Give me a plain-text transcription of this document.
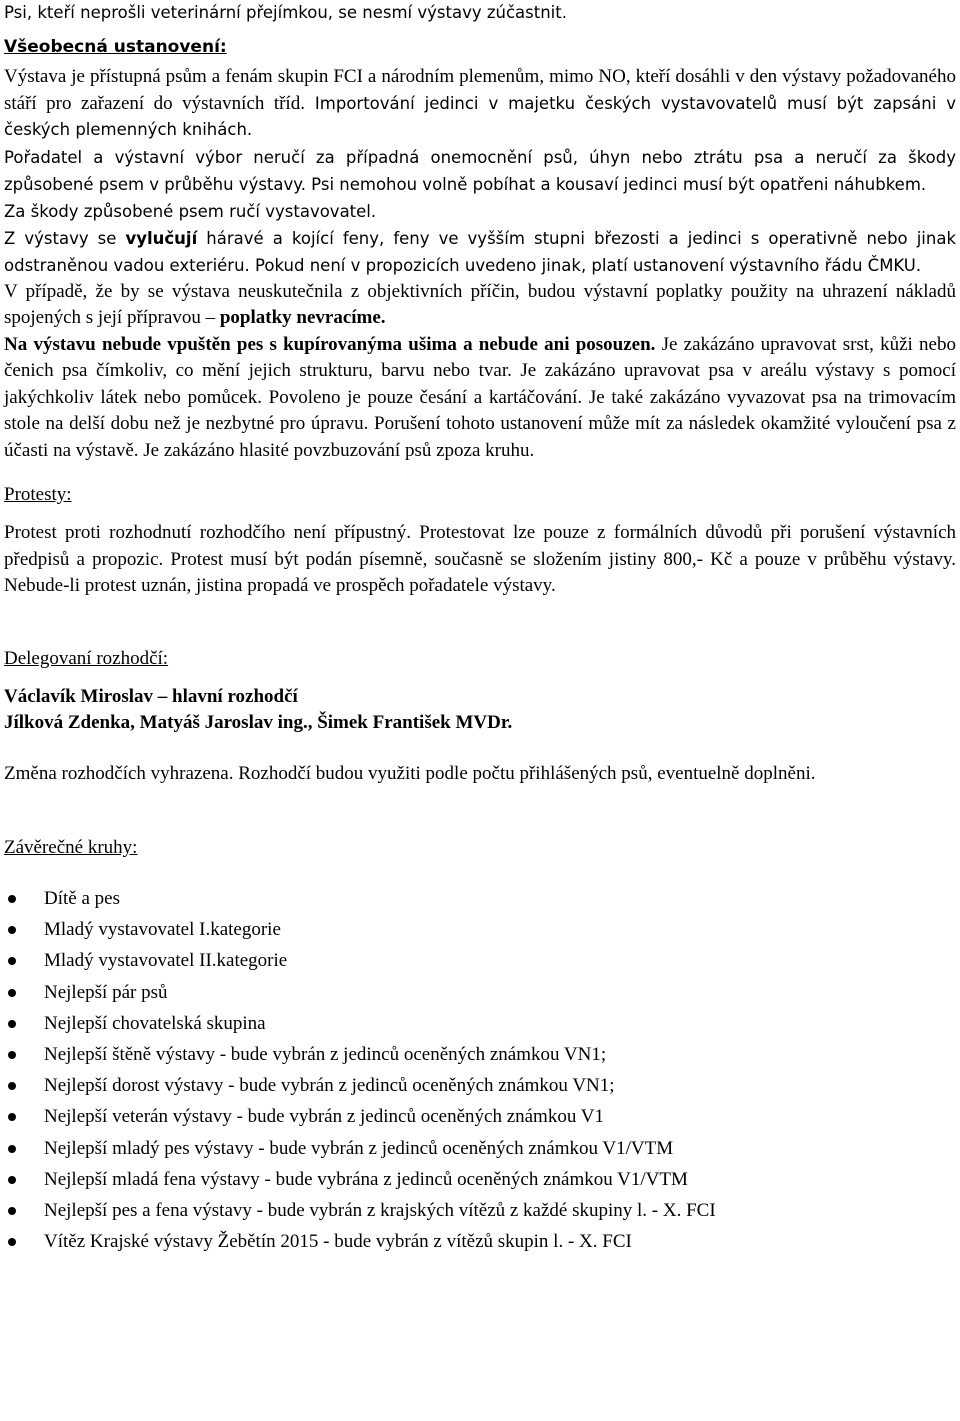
Psi, kteří neprošli veterinární přejímkou, se nesmí výstavy zúčastnit.

Všeobecná ustanovení:

Výstava je přístupná psům a fenám skupin FCI a národním plemenům, mimo NO, kteří dosáhli v den výstavy požadovaného stáří pro zařazení do výstavních tříd. Importování jedinci v majetku českých vystavovatelů musí být zapsáni v českých plemenných knihách.

Pořadatel a výstavní výbor neručí za případná onemocnění psů, úhyn nebo ztrátu psa a neručí za škody způsobené psem v průběhu výstavy. Psi nemohou volně pobíhat a kousaví jedinci musí být opatřeni náhubkem.

Za škody způsobené psem ručí vystavovatel.

Z výstavy se vylučují háravé a kojící feny, feny ve vyšším stupni březosti a jedinci s operativně nebo jinak odstraněnou vadou exteriéru. Pokud není v propozicích uvedeno jinak, platí ustanovení výstavního řádu ČMKU.

V případě, že by se výstava neuskutečnila z objektivních příčin, budou výstavní poplatky použity na uhrazení nákladů spojených s její přípravou – poplatky nevracíme.

Na výstavu nebude vpuštěn pes s kupírovanýma ušima a nebude ani posouzen. Je zakázáno upravovat srst, kůži nebo čenich psa čímkoliv, co mění jejich strukturu, barvu nebo tvar. Je zakázáno upravovat psa v areálu výstavy s pomocí jakýchkoliv látek nebo pomůcek. Povoleno je pouze česání a kartáčování. Je také zakázáno vyvazovat psa na trimovacím stole na delší dobu než je nezbytné pro úpravu. Porušení tohoto ustanovení může mít za následek okamžité vyloučení psa z účasti na výstavě. Je zakázáno hlasité povzbuzování psů zpoza kruhu.

Protesty:

Protest proti rozhodnutí rozhodčího není přípustný. Protestovat lze pouze z formálních důvodů při porušení výstavních předpisů a propozic. Protest musí být podán písemně, současně se složením jistiny 800,- Kč a pouze v průběhu výstavy. Nebude-li protest uznán, jistina propadá ve prospěch pořadatele výstavy.

Delegovaní rozhodčí:

Václavík Miroslav – hlavní rozhodčí

Jílková Zdenka, Matyáš Jaroslav ing., Šimek František MVDr.

Změna rozhodčích vyhrazena. Rozhodčí budou využiti podle počtu přihlášených psů, eventuelně doplněni.

Závěrečné kruhy:

Dítě a pes
Mladý vystavovatel I.kategorie
Mladý vystavovatel II.kategorie
Nejlepší pár psů
Nejlepší chovatelská skupina
Nejlepší štěně výstavy - bude vybrán z jedinců oceněných známkou VN1;
Nejlepší dorost výstavy - bude vybrán z jedinců oceněných známkou VN1;
Nejlepší veterán výstavy - bude vybrán z jedinců oceněných známkou V1
Nejlepší mladý pes výstavy - bude vybrán z jedinců oceněných známkou V1/VTM
Nejlepší mladá fena výstavy - bude vybrána z jedinců oceněných známkou V1/VTM
Nejlepší pes a fena výstavy - bude vybrán z krajských vítězů z každé skupiny l. - X. FCI
Vítěz Krajské výstavy Žebětín 2015 - bude vybrán z vítězů skupin l. - X. FCI
